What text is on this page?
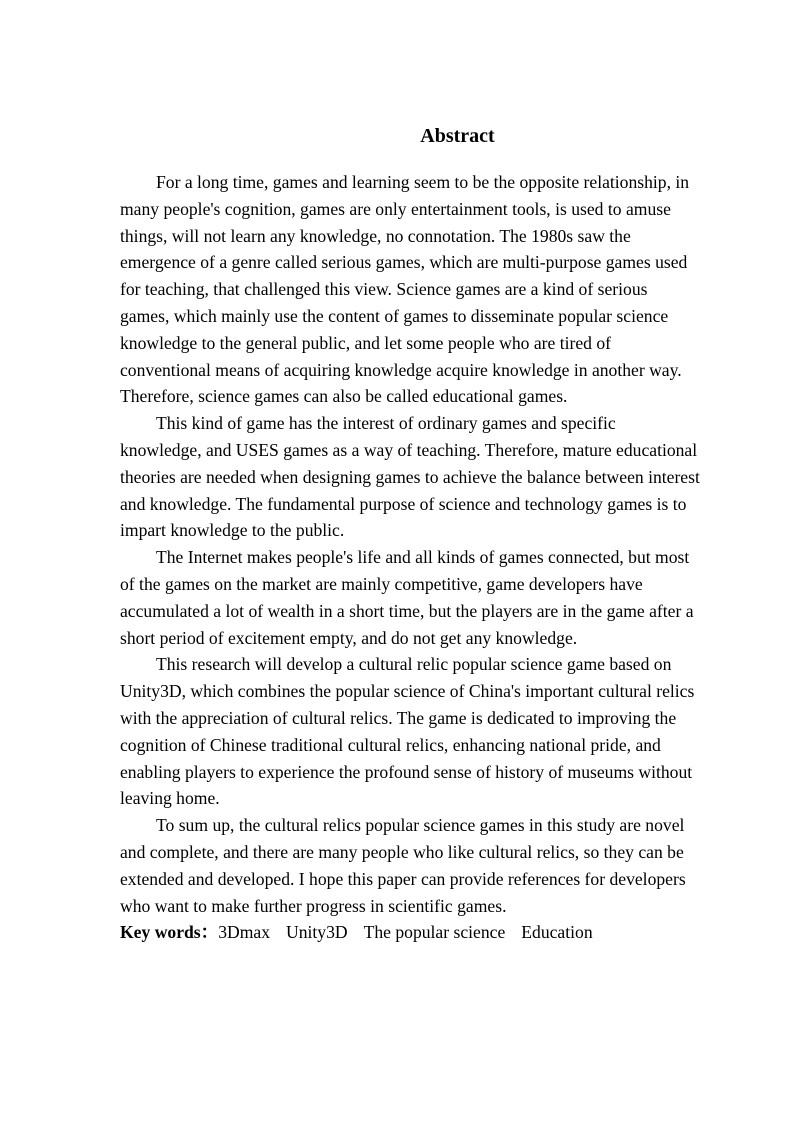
Abstract

For a long time, games and learning seem to be the opposite relationship, in many people's cognition, games are only entertainment tools, is used to amuse things, will not learn any knowledge, no connotation. The 1980s saw the emergence of a genre called serious games, which are multi-purpose games used for teaching, that challenged this view. Science games are a kind of serious games, which mainly use the content of games to disseminate popular science knowledge to the general public, and let some people who are tired of conventional means of acquiring knowledge acquire knowledge in another way. Therefore, science games can also be called educational games.

This kind of game has the interest of ordinary games and specific knowledge, and USES games as a way of teaching. Therefore, mature educational theories are needed when designing games to achieve the balance between interest and knowledge. The fundamental purpose of science and technology games is to impart knowledge to the public.

The Internet makes people's life and all kinds of games connected, but most of the games on the market are mainly competitive, game developers have accumulated a lot of wealth in a short time, but the players are in the game after a short period of excitement empty, and do not get any knowledge.

This research will develop a cultural relic popular science game based on Unity3D, which combines the popular science of China's important cultural relics with the appreciation of cultural relics. The game is dedicated to improving the cognition of Chinese traditional cultural relics, enhancing national pride, and enabling players to experience the profound sense of history of museums without leaving home.

To sum up, the cultural relics popular science games in this study are novel and complete, and there are many people who like cultural relics, so they can be extended and developed. I hope this paper can provide references for developers who want to make further progress in scientific games.

Key words：3Dmax Unity3D The popular science Education
